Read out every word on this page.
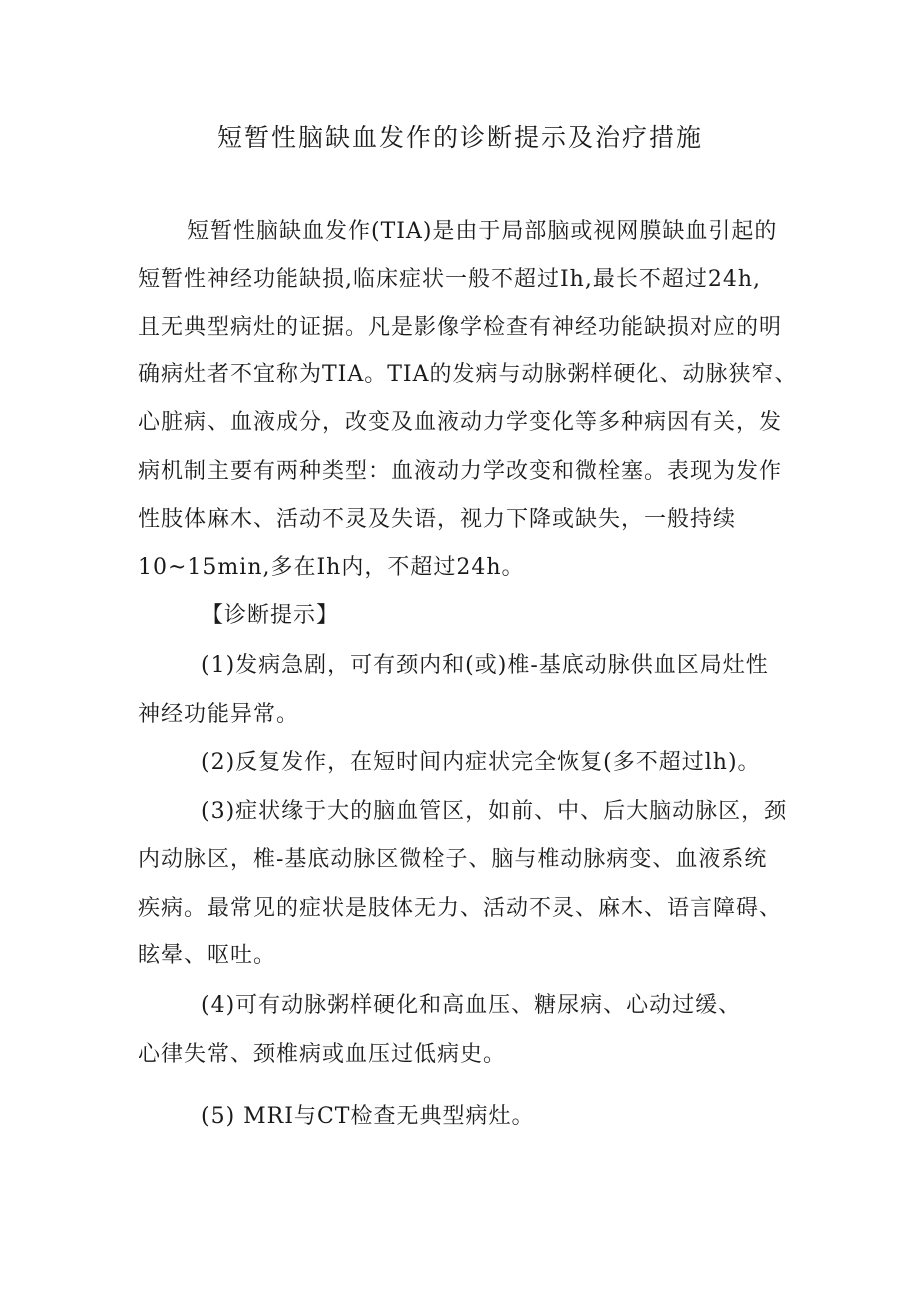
短暂性脑缺血发作的诊断提示及治疗措施
短暂性脑缺血发作(TIA)是由于局部脑或视网膜缺血引起的
短暂性神经功能缺损,临床症状一般不超过Ih,最长不超过24h,
且无典型病灶的证据。凡是影像学检查有神经功能缺损对应的明
确病灶者不宜称为TIA。TIA的发病与动脉粥样硬化、动脉狭窄、
心脏病、血液成分，改变及血液动力学变化等多种病因有关，发
病机制主要有两种类型：血液动力学改变和微栓塞。表现为发作
性肢体麻木、活动不灵及失语，视力下降或缺失，一般持续
10~15min,多在Ih内，不超过24h。
【诊断提示】
(1)发病急剧，可有颈内和(或)椎-基底动脉供血区局灶性
神经功能异常。
(2)反复发作，在短时间内症状完全恢复(多不超过lh)。
(3)症状缘于大的脑血管区，如前、中、后大脑动脉区，颈
内动脉区，椎-基底动脉区微栓子、脑与椎动脉病变、血液系统
疾病。最常见的症状是肢体无力、活动不灵、麻木、语言障碍、
眩晕、呕吐。
(4)可有动脉粥样硬化和高血压、糖尿病、心动过缓、
心律失常、颈椎病或血压过低病史。
(5) MRI与CT检查无典型病灶。
